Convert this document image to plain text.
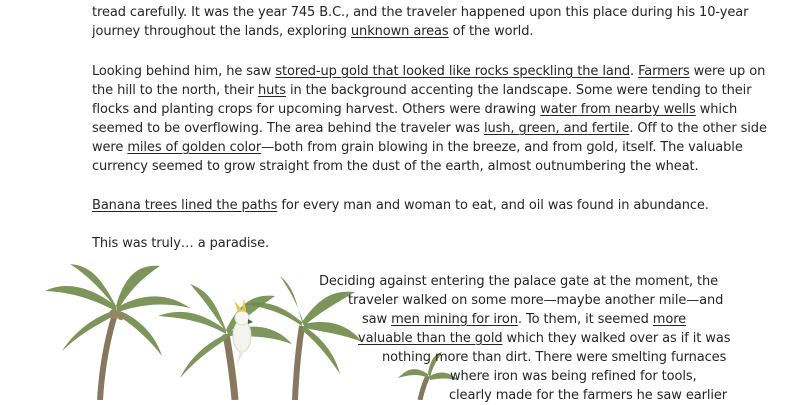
tread carefully. It was the year 745 B.C., and the traveler happened upon this place during his 10-year
journey throughout the lands, exploring unknown areas of the world.
Looking behind him, he saw stored-up gold that looked like rocks speckling the land. Farmers were up on
the hill to the north, their huts in the background accenting the landscape. Some were tending to their
flocks and planting crops for upcoming harvest. Others were drawing water from nearby wells which
seemed to be overflowing. The area behind the traveler was lush, green, and fertile. Off to the other side
were miles of golden color—both from grain blowing in the breeze, and from gold, itself. The valuable
currency seemed to grow straight from the dust of the earth, almost outnumbering the wheat.
Banana trees lined the paths for every man and woman to eat, and oil was found in abundance.
This was truly… a paradise.
Deciding against entering the palace gate at the moment, the
traveler walked on some more—maybe another mile—and
saw men mining for iron. To them, it seemed more
valuable than the gold which they walked over as if it was
nothing more than dirt. There were smelting furnaces
where iron was being refined for tools,
clearly made for the farmers he saw earlier
